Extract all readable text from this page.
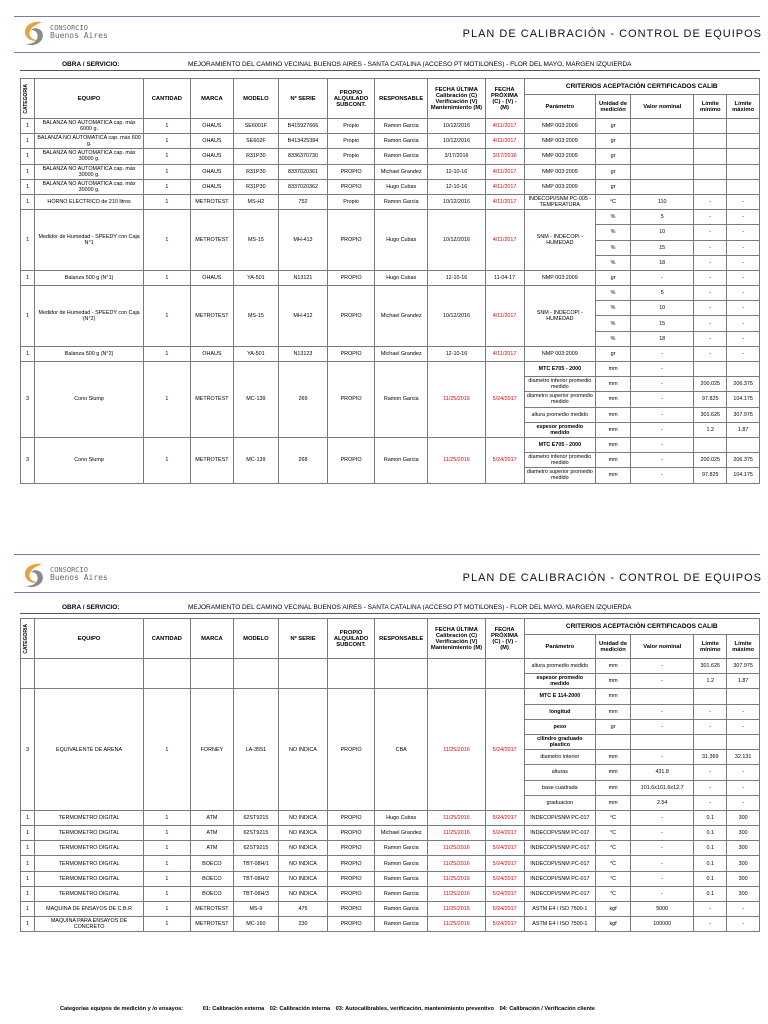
CONSORCIO
Buenos Aires	PLAN DE CALIBRACIÓN - CONTROL DE EQUIPOS
OBRA / SERVICIO:	MEJORAMIENTO DEL CAMINO VECINAL BUENOS AIRES - SANTA CATALINA (ACCESO PT MOTILONES) - FLOR DEL MAYO, MARGEN IZQUIERDA
CATEGORIA	EQUIPO	CANTIDAD	MARCA	MODELO	Nº SERIE	PROPIO ALQUILADO SUBCONT.	RESPONSABLE	FECHA ÚLTIMA Calibración (C) Verificación (V) Mantenimiento (M)	FECHA PRÓXIMA (C) - (V) - (M)	CRITERIOS ACEPTACIÓN CERTIFICADOS CALIB				
										Parámetro	Unidad de medición	Valor nominal	Límite mínimo	Límite máximo
1	BALANZA NO AUTOMATICA cap. máx 6000 g.	1	OHAUS	SE6001F	B415927666	Propio	Ramon Garcia	10/12/2016	4/11/2017	NMP 003:2009	gr			
1	BALANZA NO AUTOMATICA cap. máx 600 g.	1	OHAUS	SE602F	B413425384	Propio	Ramon Garcia	10/12/2016	4/11/2017	NMP 003:2009	gr			
1	BALANZA NO AUTOMATICA cap. máx 30000 g.	1	OHAUS	R31P30	8336370730	Propio	Ramon Garcia	3/17/2016	3/17/2016	NMP 003:2009	gr			
1	BALANZA NO AUTOMATICA cap. máx 30000 g.	1	OHAUS	R31P30	8337020361	PROPIO	Michael Grandez	12-10-16	4/11/2017	NMP 003:2009	gr			
1	BALANZA NO AUTOMATICA cap. máx 30000 g.	1	OHAUS	R31P30	8337020362	PROPIO	Hugo Cubas	12-10-16	4/11/2017	NMP 003:2009	gr			
1	HORNO ELECTRICO de 210 litros	1	METROTEST	MS-H2	752	Propio	Ramon Garcia	10/12/2016	4/11/2017	INDECOPI/SNM PC-005 - TEMPERATURA	°C	110	-	-
1	Medidor de Humedad - SPEEDY con Caja N°1	1	METROTEST	MS-15	MH-413	PROPIO	Hugo Cubas	10/12/2016	4/11/2017	SNM - INDECOPI - HUMEDAD	%	5	-	-
											%	10	-	-
											%	15	-	-
											%	18	-	-
1	Balanza 500 g (N°1)	1	OHAUS	YA-501	N13121	PROPIO	Hugo Cubas	12-10-16	11-04-17	NMP 003:2009	gr	-	-	-
1	Medidor de Humedad - SPEEDY con Caja (N°2)	1	METROTEST	MS-15	MH-412	PROPIO	Michael Grandez	10/12/2016	4/11/2017	SNM - INDECOPI - HUMEDAD	%	5	-	-
											%	10	-	-
											%	15	-	-
											%	18	-	-
1	Balanza 500 g (N°2)	1	OHAUS	YA-501	N13123	PROPIO	Michael Grandez	12-10-16	4/11/2017	NMP 003:2009	gr	-	-	-
3	Cono Slump	1	METROTEST	MC-139	269	PROPIO	Ramon Garcia	11/25/2016	5/24/2017	MTC E705 - 2000	mm	-		
										diametro inferior promedio medido	mm	-	200.025	206.375
										diametro superior promedio medido	mm	-	97.825	104.175
										altura promedio medido	mm	-	301.625	307.975
										espesor promedio medido	mm	-	1.2	1.87
3	Cono Slump	1	METROTEST	MC-139	268	PROPIO	Ramon Garcia	11/25/2016	5/24/2017	MTC E705 - 2000	mm	-		
										diametro inferior promedio medido	mm	-	200.025	206.375
										diametro superior promedio medido	mm	-	97.825	104.175
CONSORCIO
Buenos Aires	PLAN DE CALIBRACIÓN - CONTROL DE EQUIPOS
OBRA / SERVICIO:	MEJORAMIENTO DEL CAMINO VECINAL BUENOS AIRES - SANTA CATALINA (ACCESO PT MOTILONES) - FLOR DEL MAYO, MARGEN IZQUIERDA
CATEGORIA	EQUIPO	CANTIDAD	MARCA	MODELO	Nº SERIE	PROPIO ALQUILADO SUBCONT.	RESPONSABLE	FECHA ÚLTIMA Calibración (C) Verificación (V) Mantenimiento (M)	FECHA PRÓXIMA (C) - (V) - (M)	CRITERIOS ACEPTACIÓN CERTIFICADOS CALIB				
										Parámetro	Unidad de medición	Valor nominal	Límite mínimo	Límite máximo
										altura promedio medido	mm	-	301.625	307.975
										espesor promedio medido	mm	-	1.2	1.87
3	EQUIVALENTE DE ARENA	1	FORNEY	LA-3551	NO INDICA	PROPIO	CBA	11/25/2016	5/24/2017	MTC E 114-2000	mm			
										longitud	mm	-	-	-
										peso	gr	-	-	-
										cilindro graduado plastico				
										diametro interior	mm	-	31.369	32.131
										alturas	mm	431.8	-	-
										base cuadrada	mm	101.6x101.6x12.7	-	-
										graduacion	mm	2.54	-	-
1	TERMOMETRO DIGITAL	1	ATM	62ST9215	NO INDICA	PROPIO	Hugo Cubas	11/25/2016	5/24/2017	INDECOPI/SNM PC-017	°C	-	0.1	300
1	TERMOMETRO DIGITAL	1	ATM	62ST9215	NO INDICA	PROPIO	Michael Grandez	11/25/2016	5/24/2017	INDECOPI/SNM PC-017	°C	-	0.1	300
1	TERMOMETRO DIGITAL	1	ATM	62ST9215	NO INDICA	PROPIO	Ramon Garcia	11/25/2016	5/24/2017	INDECOPI/SNM PC-017	°C	-	0.1	300
1	TERMOMETRO DIGITAL	1	BOECO	TBT-08H/1	NO INDICA	PROPIO	Ramon Garcia	11/25/2016	5/24/2017	INDECOPI/SNM PC-017	°C	-	0.1	300
1	TERMOMETRO DIGITAL	1	BOECO	TBT-08H/2	NO INDICA	PROPIO	Ramon Garcia	11/25/2016	5/24/2017	INDECOPI/SNM PC-017	°C	-	0.1	300
1	TERMOMETRO DIGITAL	1	BOECO	TBT-08H/3	NO INDICA	PROPIO	Ramon Garcia	11/25/2016	5/24/2017	INDECOPI/SNM PC-017	°C	-	0.1	300
1	MAQUINA DE ENSAYOS DE C.B.R	1	METROTEST	MS-9	475	PROPIO	Ramon Garcia	11/25/2016	5/24/2017	ASTM E4 / ISO 7500-1	kgf	5000	-	-
1	MAQUINA PARA ENSAYOS DE CONCRETO	1	METROTEST	MC-160	230	PROPIO	Ramon Garcia	11/25/2016	5/24/2017	ASTM E4 / ISO 7500-1	kgf	100000	-	-
Categorías equipos de medición y /o ensayos:	01: Calibración externa 02: Calibración interna 03: Autocalibrables, verificación, mantenimiento preventivo 04: Calibración / Verificación cliente
